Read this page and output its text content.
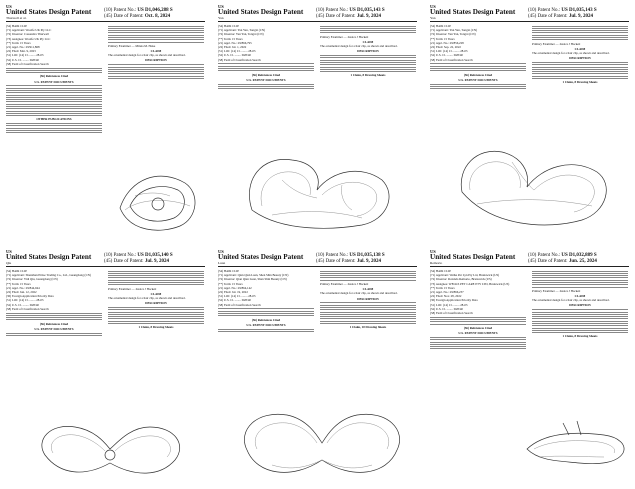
US
United States Design Patent
Thurwell et al.
(10) Patent No.: US D1,046,288 S
(45) Date of Patent: Oct. 8, 2024
(54) HAIR CLIP
(71) Applicant: Woolfe UK Pty LLC
(72) Inventor: Cassandra Thurwell
(73) Assignee: Woolfe UK Pty LLC
(**) Term: 15 Years
(21) Appl. No.: 29/911,868
(22) Filed: Mar. 9, 2023
(51) LOC (14) Cl. ........ 28-03
(52) U.S. Cl. ........ D28/40
(58) Field of Classification Search
(56) References Cited
U.S. PATENT DOCUMENTS
OTHER PUBLICATIONS
Primary Examiner — Minna M. Hoke
CLAIM
The ornamental design for a hair clip, as shown and described.
DESCRIPTION
US
United States Design Patent
Yan
(10) Patent No.: US D1,035,143 S
(45) Date of Patent: Jul. 9, 2024
(54) HAIR CLIP
(71) Applicant: Yan Yan, Tongxi (CN)
(72) Inventor: Yan Yan, Tongxi (CN)
(**) Term: 15 Years
(21) Appl. No.: 29/866,795
(22) Filed: Jul. 1, 2022
(51) LOC (14) Cl. ........ 28-03
(52) U.S. Cl. ........ D28/40
(58) Field of Classification Search
(56) References Cited
U.S. PATENT DOCUMENTS
Primary Examiner — Jessica J Hackett
CLAIM
The ornamental design for a hair clip, as shown and described.
DESCRIPTION
1 Claim, 8 Drawing Sheets
US
United States Design Patent
Yan
(10) Patent No.: US D1,035,143 S
(45) Date of Patent: Jul. 9, 2024
(54) HAIR CLIP
(71) Applicant: Yan Yan, Tongxi (CN)
(72) Inventor: Yan Yan, Tongxi (CN)
(**) Term: 15 Years
(21) Appl. No.: 29/856,228
(22) Filed: Sep. 22, 2022
(51) LOC (14) Cl. ........ 28-03
(52) U.S. Cl. ........ D28/40
(58) Field of Classification Search
(56) References Cited
U.S. PATENT DOCUMENTS
Primary Examiner — Jessica J Hackett
CLAIM
The ornamental design for a hair clip, as shown and described.
DESCRIPTION
1 Claim, 8 Drawing Sheets
US
United States Design Patent
Qiu
(10) Patent No.: US D1,035,140 S
(45) Date of Patent: Jul. 9, 2024
(54) HAIR CLIP
(71) Applicant: Shenzhen Pitloe Trading Co., Ltd., Guangdong (CN)
(72) Inventor: Yidi Qiu, Guangdong (CN)
(**) Term: 15 Years
(21) Appl. No.: 29/844,944
(22) Filed: Jun. 12, 2022
(30) Foreign Application Priority Data
(51) LOC (14) Cl. ........ 28-03
(52) U.S. Cl. ........ D28/40
(58) Field of Classification Search
(56) References Cited
U.S. PATENT DOCUMENTS
Primary Examiner — Jessica J Hackett
CLAIM
The ornamental design for a hair clip, as shown and described.
DESCRIPTION
1 Claim, 8 Drawing Sheets
US
United States Design Patent
Luan
(10) Patent No.: US D1,035,138 S
(45) Date of Patent: Jul. 9, 2024
(54) HAIR CLIP
(71) Applicant: Qian Qian Luan, Shen Shin Beauty (CN)
(72) Inventor: Qian Qian Luan, Shen Shin Beauty (CN)
(**) Term: 15 Years
(21) Appl. No.: 29/864,142
(22) Filed: Jul. 19, 2022
(51) LOC (14) Cl. ........ 28-03
(52) U.S. Cl. ........ D28/40
(58) Field of Classification Search
(56) References Cited
U.S. PATENT DOCUMENTS
Primary Examiner — Jessica J Hackett
CLAIM
The ornamental design for a hair clip, as shown and described.
DESCRIPTION
1 Claim, 10 Drawing Sheets
US
United States Design Patent
Remorio
(10) Patent No.: US D1,032,889 S
(45) Date of Patent: Jun. 25, 2024
(54) HAIR CLIP
(71) Applicant: Welks Pet Lyn Pty Ltd, Brunswick (US)
(72) Inventor: Rolanda Remorio, Brunswick (US)
(73) Assignee: WELKS PET CARE PTY LTD, Brunswick (US)
(**) Term: 15 Years
(21) Appl. No.: 29/866,237
(22) Filed: Nov. 28, 2022
(30) Foreign Application Priority Data
(51) LOC (14) Cl. ........ 28-03
(52) U.S. Cl. ........ D28/40
(58) Field of Classification Search
(56) References Cited
U.S. PATENT DOCUMENTS
Primary Examiner — Jessica J Hackett
CLAIM
The ornamental design for a hair clip, as shown and described.
DESCRIPTION
1 Claim, 8 Drawing Sheets
